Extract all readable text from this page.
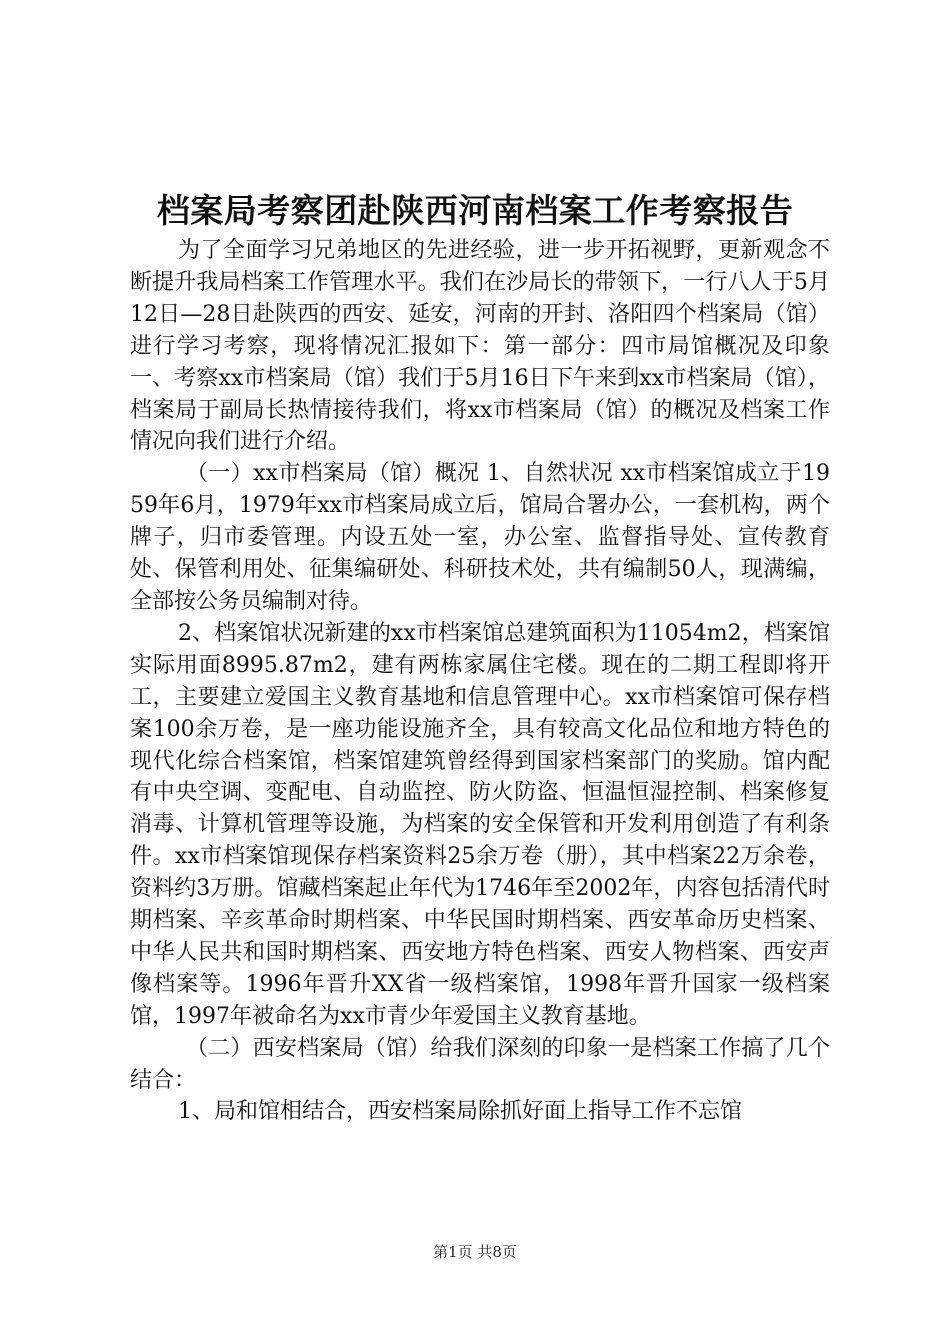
档案局考察团赴陕西河南档案工作考察报告

为了全面学习兄弟地区的先进经验，进一步开拓视野，更新观念不断提升我局档案工作管理水平。我们在沙局长的带领下，一行八人于5月12日—28日赴陕西的西安、延安，河南的开封、洛阳四个档案局（馆）进行学习考察，现将情况汇报如下：第一部分：四市局馆概况及印象一、考察xx市档案局（馆）我们于5月16日下午来到xx市档案局（馆），档案局于副局长热情接待我们，将xx市档案局（馆）的概况及档案工作情况向我们进行介绍。

（一）xx市档案局（馆）概况 1、自然状况 xx市档案馆成立于1959年6月，1979年xx市档案局成立后，馆局合署办公，一套机构，两个牌子，归市委管理。内设五处一室，办公室、监督指导处、宣传教育处、保管利用处、征集编研处、科研技术处，共有编制50人，现满编，全部按公务员编制对待。

2、档案馆状况新建的xx市档案馆总建筑面积为11054m2，档案馆实际用面8995.87m2，建有两栋家属住宅楼。现在的二期工程即将开工，主要建立爱国主义教育基地和信息管理中心。xx市档案馆可保存档案100余万卷，是一座功能设施齐全，具有较高文化品位和地方特色的现代化综合档案馆，档案馆建筑曾经得到国家档案部门的奖励。馆内配有中央空调、变配电、自动监控、防火防盗、恒温恒湿控制、档案修复消毒、计算机管理等设施，为档案的安全保管和开发利用创造了有利条件。xx市档案馆现保存档案资料25余万卷（册），其中档案22万余卷，资料约3万册。馆藏档案起止年代为1746年至2002年，内容包括清代时期档案、辛亥革命时期档案、中华民国时期档案、西安革命历史档案、中华人民共和国时期档案、西安地方特色档案、西安人物档案、西安声像档案等。1996年晋升XX省一级档案馆，1998年晋升国家一级档案馆，1997年被命名为xx市青少年爱国主义教育基地。

（二）西安档案局（馆）给我们深刻的印象一是档案工作搞了几个结合：

1、局和馆相结合，西安档案局除抓好面上指导工作不忘馆

第1页 共8页
